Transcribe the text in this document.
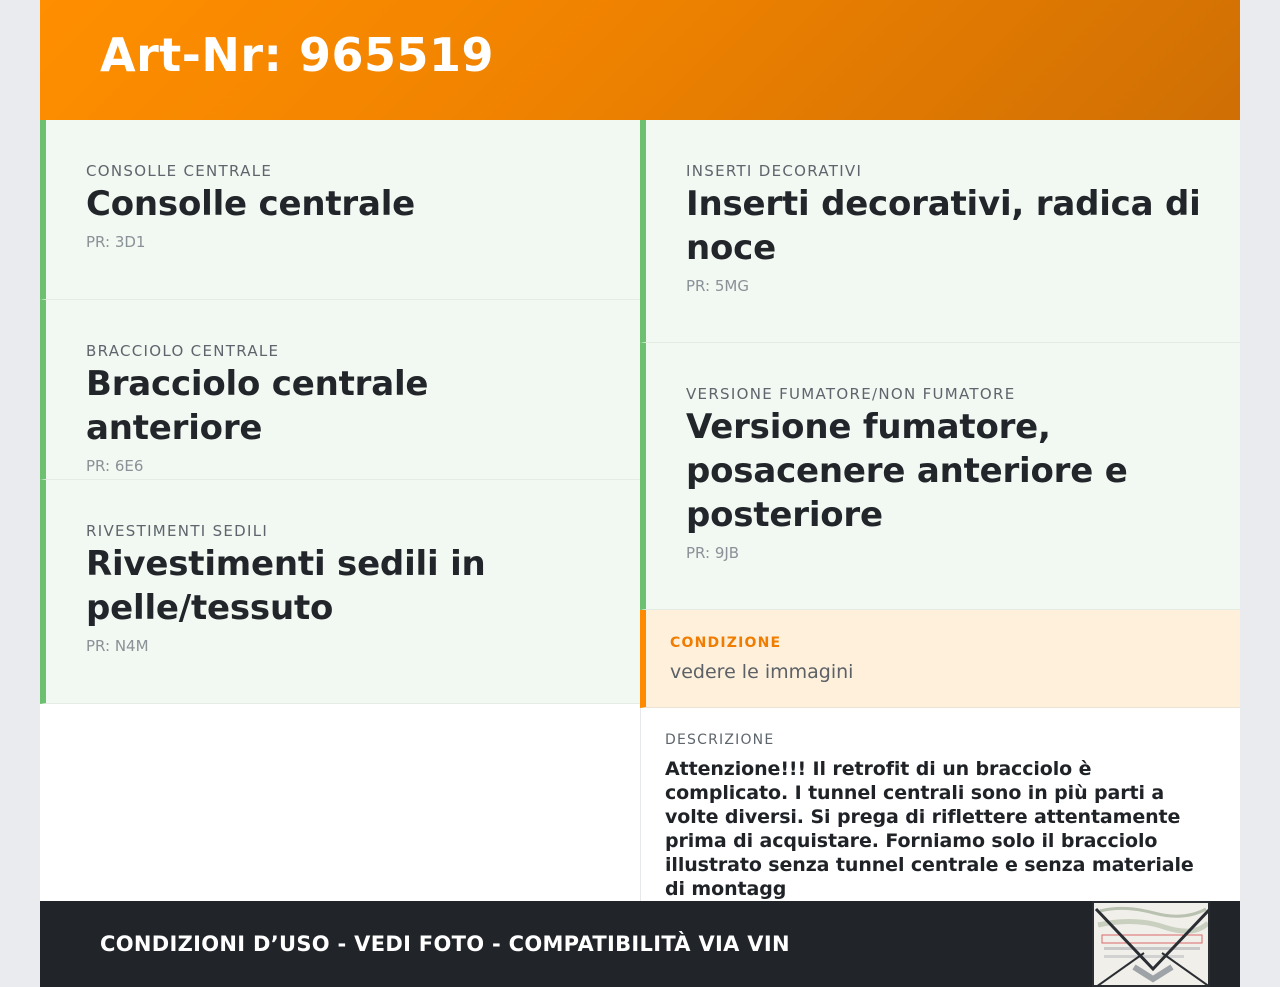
Art-Nr: 965519
CONSOLLE CENTRALE
Consolle centrale
PR: 3D1
BRACCIOLO CENTRALE
Bracciolo centrale anteriore
PR: 6E6
RIVESTIMENTI SEDILI
Rivestimenti sedili in pelle/tessuto
PR: N4M
INSERTI DECORATIVI
Inserti decorativi, radica di noce
PR: 5MG
VERSIONE FUMATORE/NON FUMATORE
Versione fumatore, posacenere anteriore e posteriore
PR: 9JB
CONDIZIONE
vedere le immagini
DESCRIZIONE
Attenzione!!! Il retrofit di un bracciolo è complicato. I tunnel centrali sono in più parti a volte diversi. Si prega di riflettere attentamente prima di acquistare. Forniamo solo il bracciolo illustrato senza tunnel centrale e senza materiale di montagg
CONDIZIONI D’USO - VEDI FOTO - COMPATIBILITÀ VIA VIN
